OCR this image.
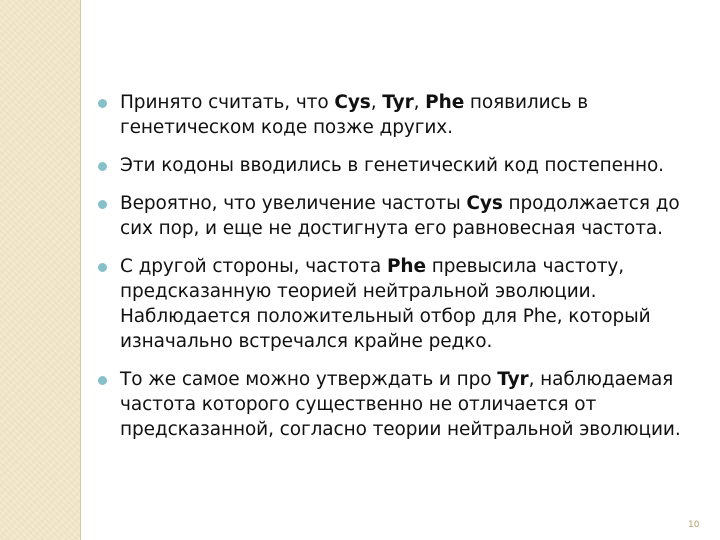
Принято считать, что Cys, Tyr, Phe появились в генетическом коде позже других.
Эти кодоны вводились в генетический код постепенно.
Вероятно, что увеличение частоты Cys продолжается до сих пор, и еще не достигнута его равновесная частота.
С другой стороны, частота Phe превысила частоту, предсказанную теорией нейтральной эволюции. Наблюдается положительный отбор для Phe, который изначально встречался крайне редко.
То же самое можно утверждать и про Tyr, наблюдаемая частота которого существенно не отличается от предсказанной, согласно теории нейтральной эволюции.
10
